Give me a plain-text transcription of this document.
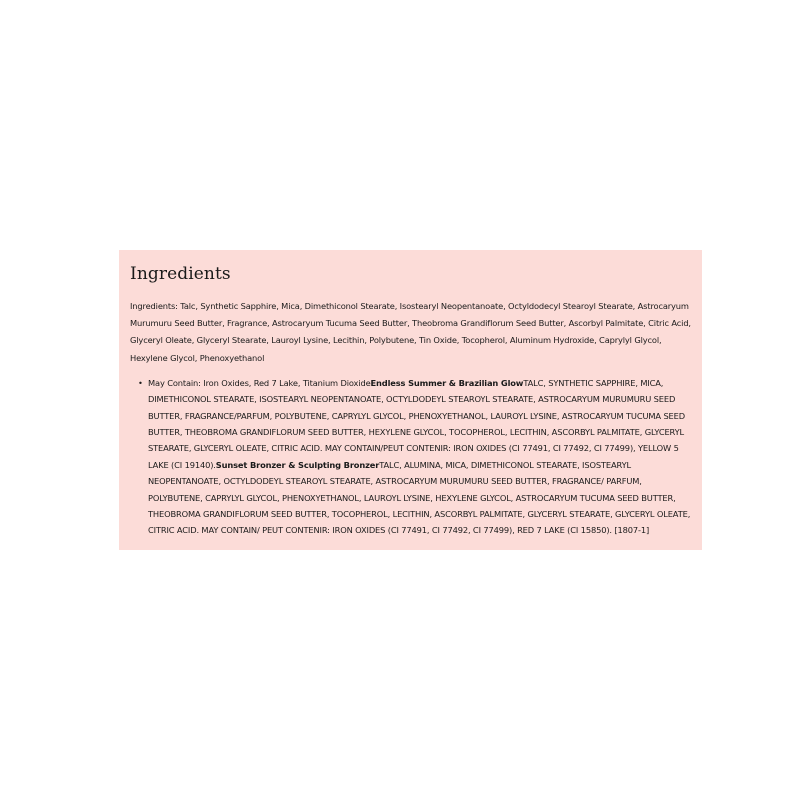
Ingredients

Ingredients: Talc, Synthetic Sapphire, Mica, Dimethiconol Stearate, Isostearyl Neopentanoate, Octyldodecyl Stearoyl Stearate, Astrocaryum Murumuru Seed Butter, Fragrance, Astrocaryum Tucuma Seed Butter, Theobroma Grandiflorum Seed Butter, Ascorbyl Palmitate, Citric Acid, Glyceryl Oleate, Glyceryl Stearate, Lauroyl Lysine, Lecithin, Polybutene, Tin Oxide, Tocopherol, Aluminum Hydroxide, Caprylyl Glycol, Hexylene Glycol, Phenoxyethanol

• May Contain: Iron Oxides, Red 7 Lake, Titanium DioxideEndless Summer & Brazilian GlowTALC, SYNTHETIC SAPPHIRE, MICA, DIMETHICONOL STEARATE, ISOSTEARYL NEOPENTANOATE, OCTYLDODEYL STEAROYL STEARATE, ASTROCARYUM MURUMURU SEED BUTTER, FRAGRANCE/PARFUM, POLYBUTENE, CAPRYLYL GLYCOL, PHENOXYETHANOL, LAUROYL LYSINE, ASTROCARYUM TUCUMA SEED BUTTER, THEOBROMA GRANDIFLORUM SEED BUTTER, HEXYLENE GLYCOL, TOCOPHEROL, LECITHIN, ASCORBYL PALMITATE, GLYCERYL STEARATE, GLYCERYL OLEATE, CITRIC ACID. MAY CONTAIN/PEUT CONTENIR: IRON OXIDES (CI 77491, CI 77492, CI 77499), YELLOW 5 LAKE (CI 19140).Sunset Bronzer & Sculpting BronzerTALC, ALUMINA, MICA, DIMETHICONOL STEARATE, ISOSTEARYL NEOPENTANOATE, OCTYLDODEYL STEAROYL STEARATE, ASTROCARYUM MURUMURU SEED BUTTER, FRAGRANCE/ PARFUM, POLYBUTENE, CAPRYLYL GLYCOL, PHENOXYETHANOL, LAUROYL LYSINE, HEXYLENE GLYCOL, ASTROCARYUM TUCUMA SEED BUTTER, THEOBROMA GRANDIFLORUM SEED BUTTER, TOCOPHEROL, LECITHIN, ASCORBYL PALMITATE, GLYCERYL STEARATE, GLYCERYL OLEATE, CITRIC ACID. MAY CONTAIN/ PEUT CONTENIR: IRON OXIDES (CI 77491, CI 77492, CI 77499), RED 7 LAKE (CI 15850). [1807-1]
